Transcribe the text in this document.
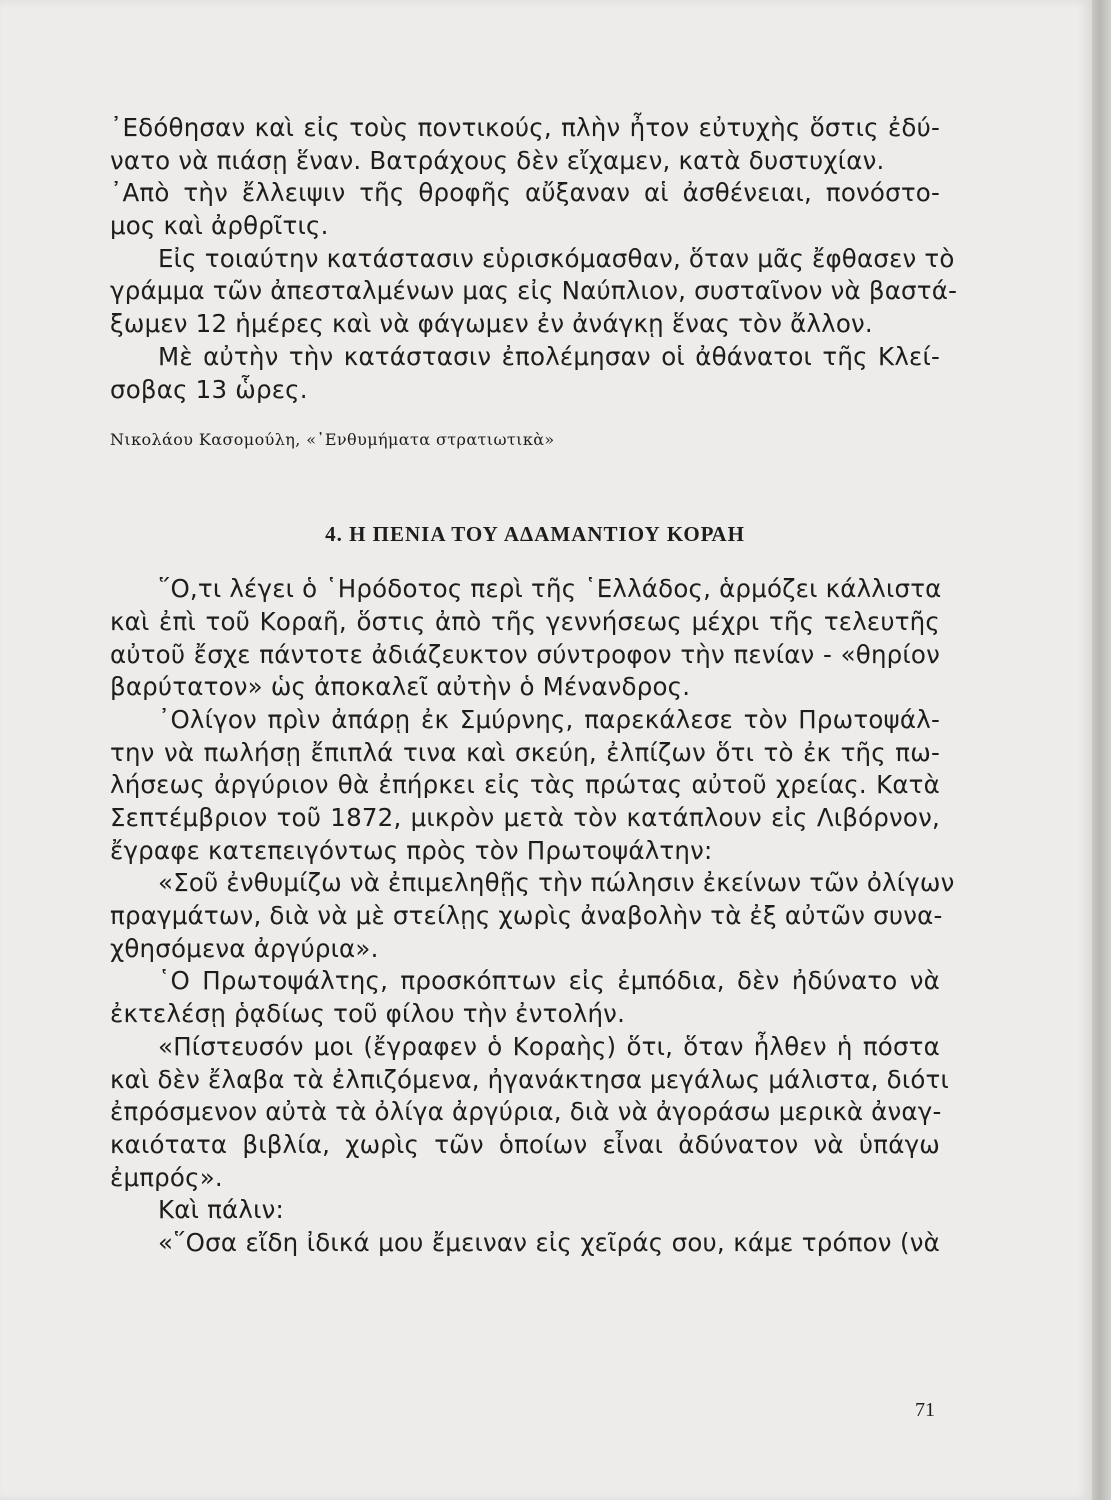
᾿Εδόθησαν καὶ εἰς τοὺς ποντικούς, πλὴν ἦτον εὐτυχὴς ὅστις ἐδύ-
νατο νὰ πιάσῃ ἕναν. Βατράχους δὲν εἴχαμεν, κατὰ δυστυχίαν.
᾿Απὸ τὴν ἔλλειψιν τῆς θροφῆς αὔξαναν αἱ ἀσθένειαι, πονόστο-
μος καὶ ἀρθρῖτις.
Εἰς τοιαύτην κατάστασιν εὑρισκόμασθαν, ὅταν μᾶς ἔφθασεν τὸ
γράμμα τῶν ἀπεσταλμένων μας εἰς Ναύπλιον, συσταῖνον νὰ βαστά-
ξωμεν 12 ἡμέρες καὶ νὰ φάγωμεν ἐν ἀνάγκῃ ἕνας τὸν ἄλλον.
Μὲ αὐτὴν τὴν κατάστασιν ἐπολέμησαν οἱ ἀθάνατοι τῆς Κλεί-
σοβας 13 ὧρες.
Νικολάου Κασομούλη, «᾿Ενθυμήματα στρατιωτικὰ»
4. Η ΠΕΝΙΑ ΤΟΥ ΑΔΑΜΑΝΤΙΟΥ ΚΟΡΑΗ
῞Ο,τι λέγει ὁ ῾Ηρόδοτος περὶ τῆς ῾Ελλάδος, ἁρμόζει κάλλιστα
καὶ ἐπὶ τοῦ Κοραῆ, ὅστις ἀπὸ τῆς γεννήσεως μέχρι τῆς τελευτῆς
αὐτοῦ ἔσχε πάντοτε ἀδιάζευκτον σύντροφον τὴν πενίαν - «θηρίον
βαρύτατον» ὡς ἀποκαλεῖ αὐτὴν ὁ Μένανδρος.
᾿Ολίγον πρὶν ἀπάρῃ ἐκ Σμύρνης, παρεκάλεσε τὸν Πρωτοψάλ-
την νὰ πωλήσῃ ἔπιπλά τινα καὶ σκεύη, ἐλπίζων ὅτι τὸ ἐκ τῆς πω-
λήσεως ἀργύριον θὰ ἐπήρκει εἰς τὰς πρώτας αὐτοῦ χρείας. Κατὰ
Σεπτέμβριον τοῦ 1872, μικρὸν μετὰ τὸν κατάπλουν εἰς Λιβόρνον,
ἔγραφε κατεπειγόντως πρὸς τὸν Πρωτοψάλτην:
«Σοῦ ἐνθυμίζω νὰ ἐπιμεληθῇς τὴν πώλησιν ἐκείνων τῶν ὀλίγων
πραγμάτων, διὰ νὰ μὲ στείλῃς χωρὶς ἀναβολὴν τὰ ἐξ αὐτῶν συνα-
χθησόμενα ἀργύρια».
῾Ο Πρωτοψάλτης, προσκόπτων εἰς ἐμπόδια, δὲν ἠδύνατο νὰ
ἐκτελέσῃ ῥᾳδίως τοῦ φίλου τὴν ἐντολήν.
«Πίστευσόν μοι (ἔγραφεν ὁ Κοραὴς) ὅτι, ὅταν ἦλθεν ἡ πόστα
καὶ δὲν ἔλαβα τὰ ἐλπιζόμενα, ἠγανάκτησα μεγάλως μάλιστα, διότι
ἐπρόσμενον αὐτὰ τὰ ὀλίγα ἀργύρια, διὰ νὰ ἀγοράσω μερικὰ ἀναγ-
καιότατα βιβλία, χωρὶς τῶν ὁποίων εἶναι ἀδύνατον νὰ ὑπάγω
ἐμπρός».
Καὶ πάλιν:
«῞Οσα εἴδη ἰδικά μου ἔμειναν εἰς χεῖράς σου, κάμε τρόπον (νὰ
71
